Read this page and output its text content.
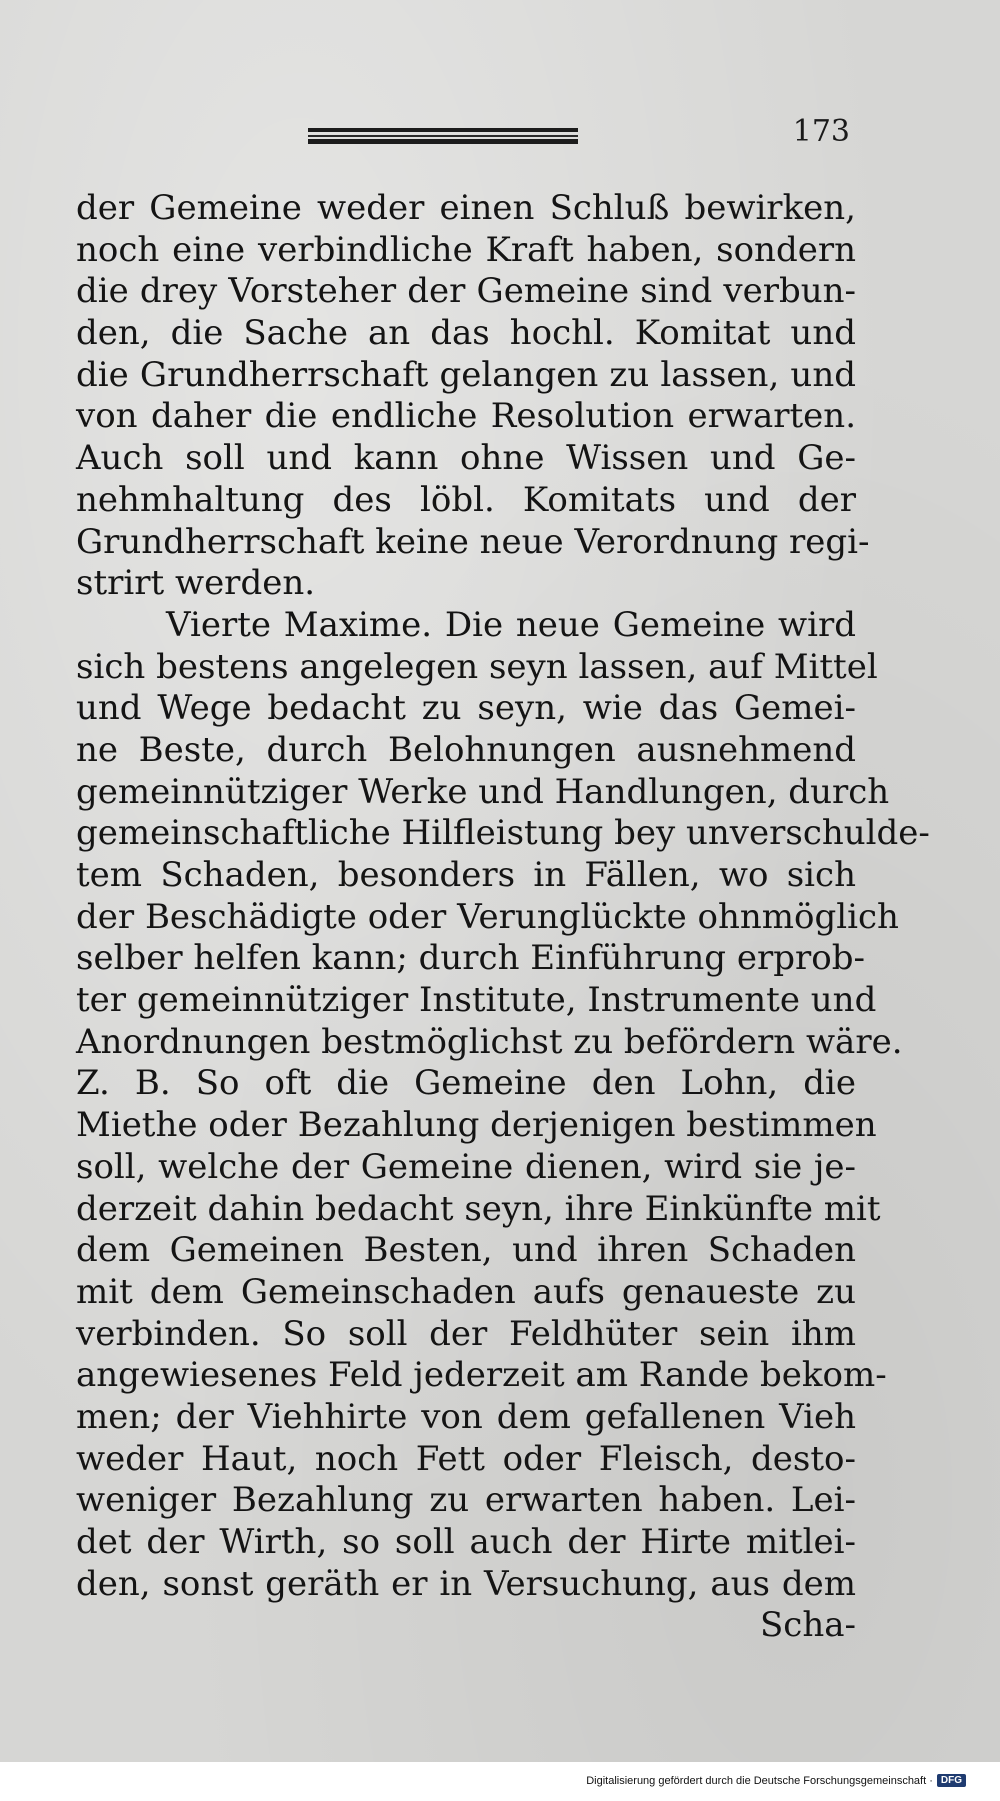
173
der Gemeine weder einen Schluß bewirken,
noch eine verbindliche Kraft haben, sondern
die drey Vorsteher der Gemeine sind verbun-
den, die Sache an das hochl. Komitat und
die Grundherrschaft gelangen zu lassen, und
von daher die endliche Resolution erwarten.
Auch soll und kann ohne Wissen und Ge-
nehmhaltung des löbl. Komitats und der
Grundherrschaft keine neue Verordnung regi-
strirt werden.
Vierte Maxime. Die neue Gemeine wird
sich bestens angelegen seyn lassen, auf Mittel
und Wege bedacht zu seyn, wie das Gemei-
ne Beste, durch Belohnungen ausnehmend
gemeinnütziger Werke und Handlungen, durch
gemeinschaftliche Hilfleistung bey unverschulde-
tem Schaden, besonders in Fällen, wo sich
der Beschädigte oder Verunglückte ohnmöglich
selber helfen kann; durch Einführung erprob-
ter gemeinnütziger Institute, Instrumente und
Anordnungen bestmöglichst zu befördern wäre.
Z. B. So oft die Gemeine den Lohn, die
Miethe oder Bezahlung derjenigen bestimmen
soll, welche der Gemeine dienen, wird sie je-
derzeit dahin bedacht seyn, ihre Einkünfte mit
dem Gemeinen Besten, und ihren Schaden
mit dem Gemeinschaden aufs genaueste zu
verbinden. So soll der Feldhüter sein ihm
angewiesenes Feld jederzeit am Rande bekom-
men; der Viehhirte von dem gefallenen Vieh
weder Haut, noch Fett oder Fleisch, desto-
weniger Bezahlung zu erwarten haben. Lei-
det der Wirth, so soll auch der Hirte mitlei-
den, sonst geräth er in Versuchung, aus dem
Scha-
Digitalisierung gefördert durch die Deutsche Forschungsgemeinschaft · DFG
